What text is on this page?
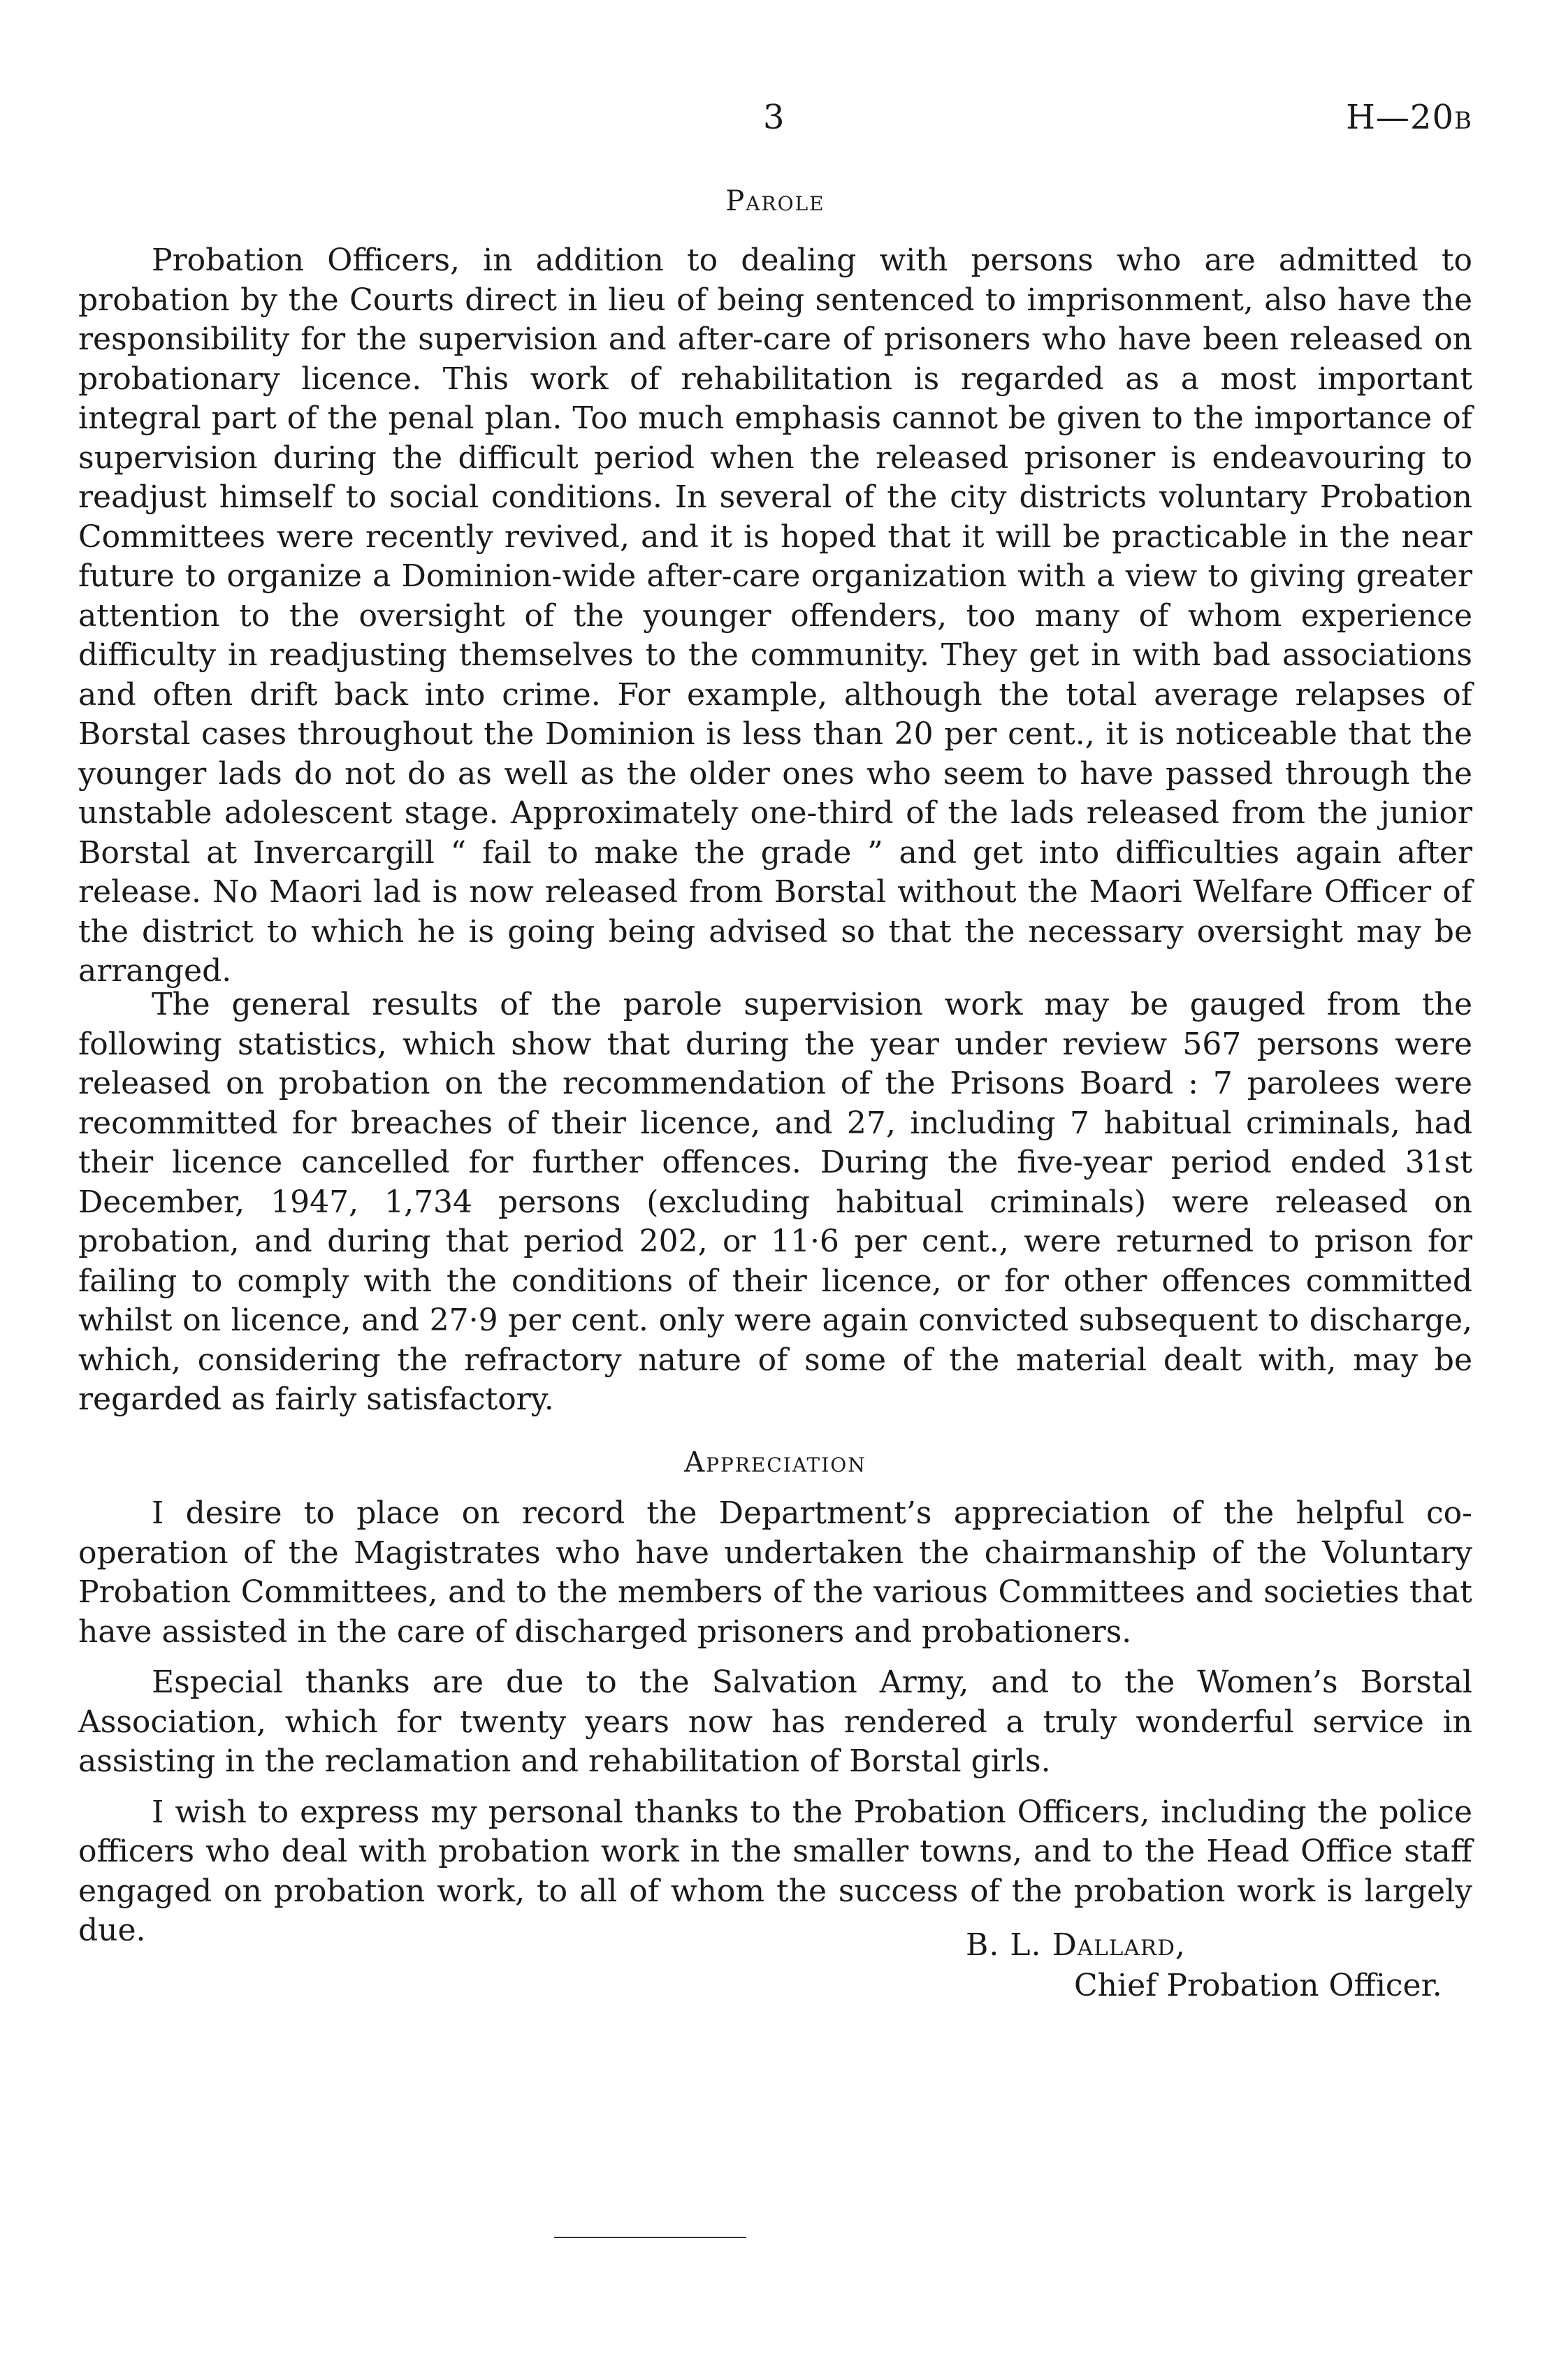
3	H—20B
Parole

Probation Officers, in addition to dealing with persons who are admitted to probation by the Courts direct in lieu of being sentenced to imprisonment, also have the responsibility for the supervision and after-care of prisoners who have been released on probationary licence. This work of rehabilitation is regarded as a most important integral part of the penal plan. Too much emphasis cannot be given to the importance of supervision during the difficult period when the released prisoner is endeavouring to readjust himself to social conditions. In several of the city districts voluntary Probation Committees were recently revived, and it is hoped that it will be practicable in the near future to organize a Dominion-wide after-care organization with a view to giving greater attention to the oversight of the younger offenders, too many of whom experience difficulty in readjusting themselves to the community. They get in with bad associations and often drift back into crime. For example, although the total average relapses of Borstal cases throughout the Dominion is less than 20 per cent., it is noticeable that the younger lads do not do as well as the older ones who seem to have passed through the unstable adolescent stage. Approximately one-third of the lads released from the junior Borstal at Invercargill “ fail to make the grade ” and get into difficulties again after release. No Maori lad is now released from Borstal without the Maori Welfare Officer of the district to which he is going being advised so that the necessary oversight may be arranged.

The general results of the parole supervision work may be gauged from the following statistics, which show that during the year under review 567 persons were released on probation on the recommendation of the Prisons Board : 7 parolees were recommitted for breaches of their licence, and 27, including 7 habitual criminals, had their licence cancelled for further offences. During the five-year period ended 31st December, 1947, 1,734 persons (excluding habitual criminals) were released on probation, and during that period 202, or 11·6 per cent., were returned to prison for failing to comply with the conditions of their licence, or for other offences committed whilst on licence, and 27·9 per cent. only were again convicted subsequent to discharge, which, considering the refractory nature of some of the material dealt with, may be regarded as fairly satisfactory.

Appreciation

I desire to place on record the Department’s appreciation of the helpful co-operation of the Magistrates who have undertaken the chairmanship of the Voluntary Probation Committees, and to the members of the various Committees and societies that have assisted in the care of discharged prisoners and probationers.

Especial thanks are due to the Salvation Army, and to the Women’s Borstal Association, which for twenty years now has rendered a truly wonderful service in assisting in the reclamation and rehabilitation of Borstal girls.

I wish to express my personal thanks to the Probation Officers, including the police officers who deal with probation work in the smaller towns, and to the Head Office staff engaged on probation work, to all of whom the success of the probation work is largely due.	B. L. Dallard,
Chief Probation Officer.
